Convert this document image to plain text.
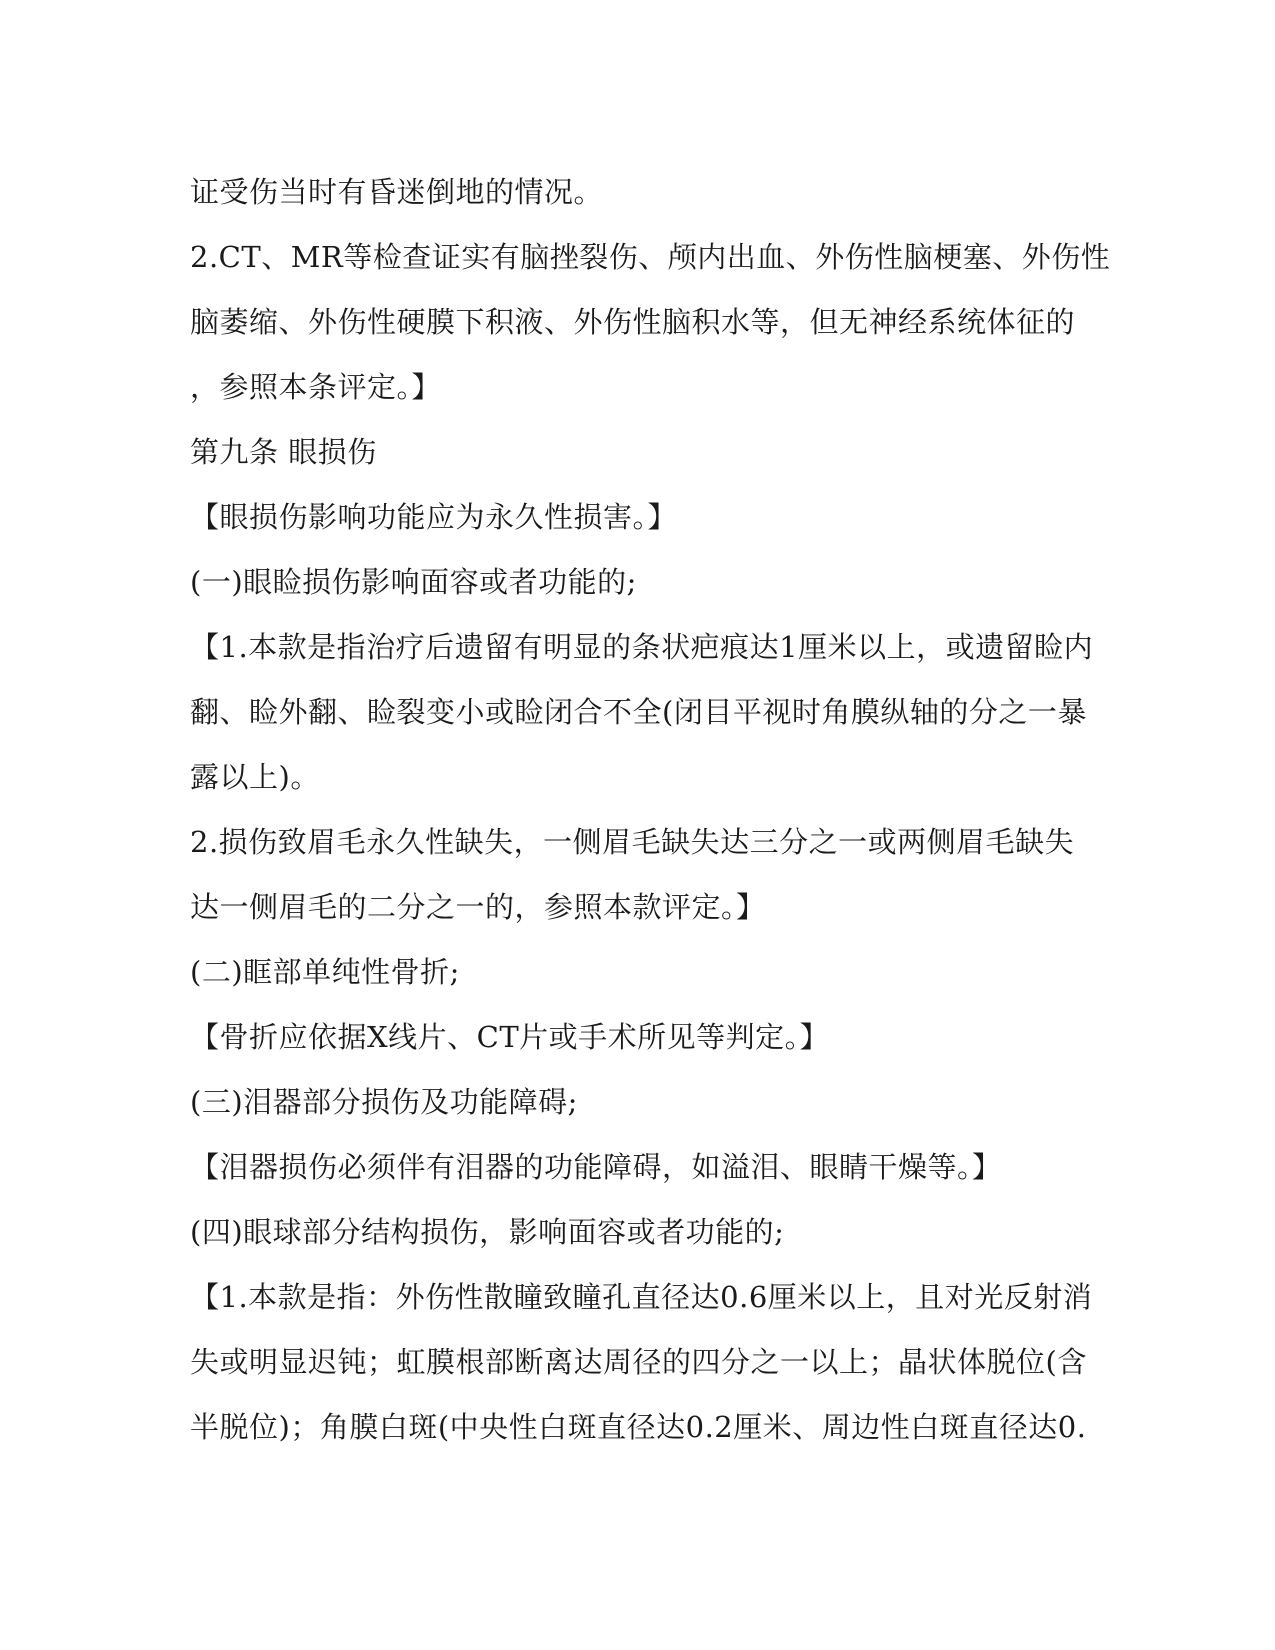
证受伤当时有昏迷倒地的情况。
2.CT、MR等检查证实有脑挫裂伤、颅内出血、外伤性脑梗塞、外伤性
脑萎缩、外伤性硬膜下积液、外伤性脑积水等，但无神经系统体征的
，参照本条评定。】
第九条 眼损伤
【眼损伤影响功能应为永久性损害。】
(一)眼睑损伤影响面容或者功能的;
【1.本款是指治疗后遗留有明显的条状疤痕达1厘米以上，或遗留睑内
翻、睑外翻、睑裂变小或睑闭合不全(闭目平视时角膜纵轴的分之一暴
露以上)。
2.损伤致眉毛永久性缺失，一侧眉毛缺失达三分之一或两侧眉毛缺失
达一侧眉毛的二分之一的，参照本款评定。】
(二)眶部单纯性骨折;
【骨折应依据X线片、CT片或手术所见等判定。】
(三)泪器部分损伤及功能障碍;
【泪器损伤必须伴有泪器的功能障碍，如溢泪、眼睛干燥等。】
(四)眼球部分结构损伤，影响面容或者功能的;
【1.本款是指：外伤性散瞳致瞳孔直径达0.6厘米以上，且对光反射消
失或明显迟钝；虹膜根部断离达周径的四分之一以上；晶状体脱位(含
半脱位)；角膜白斑(中央性白斑直径达0.2厘米、周边性白斑直径达0.
